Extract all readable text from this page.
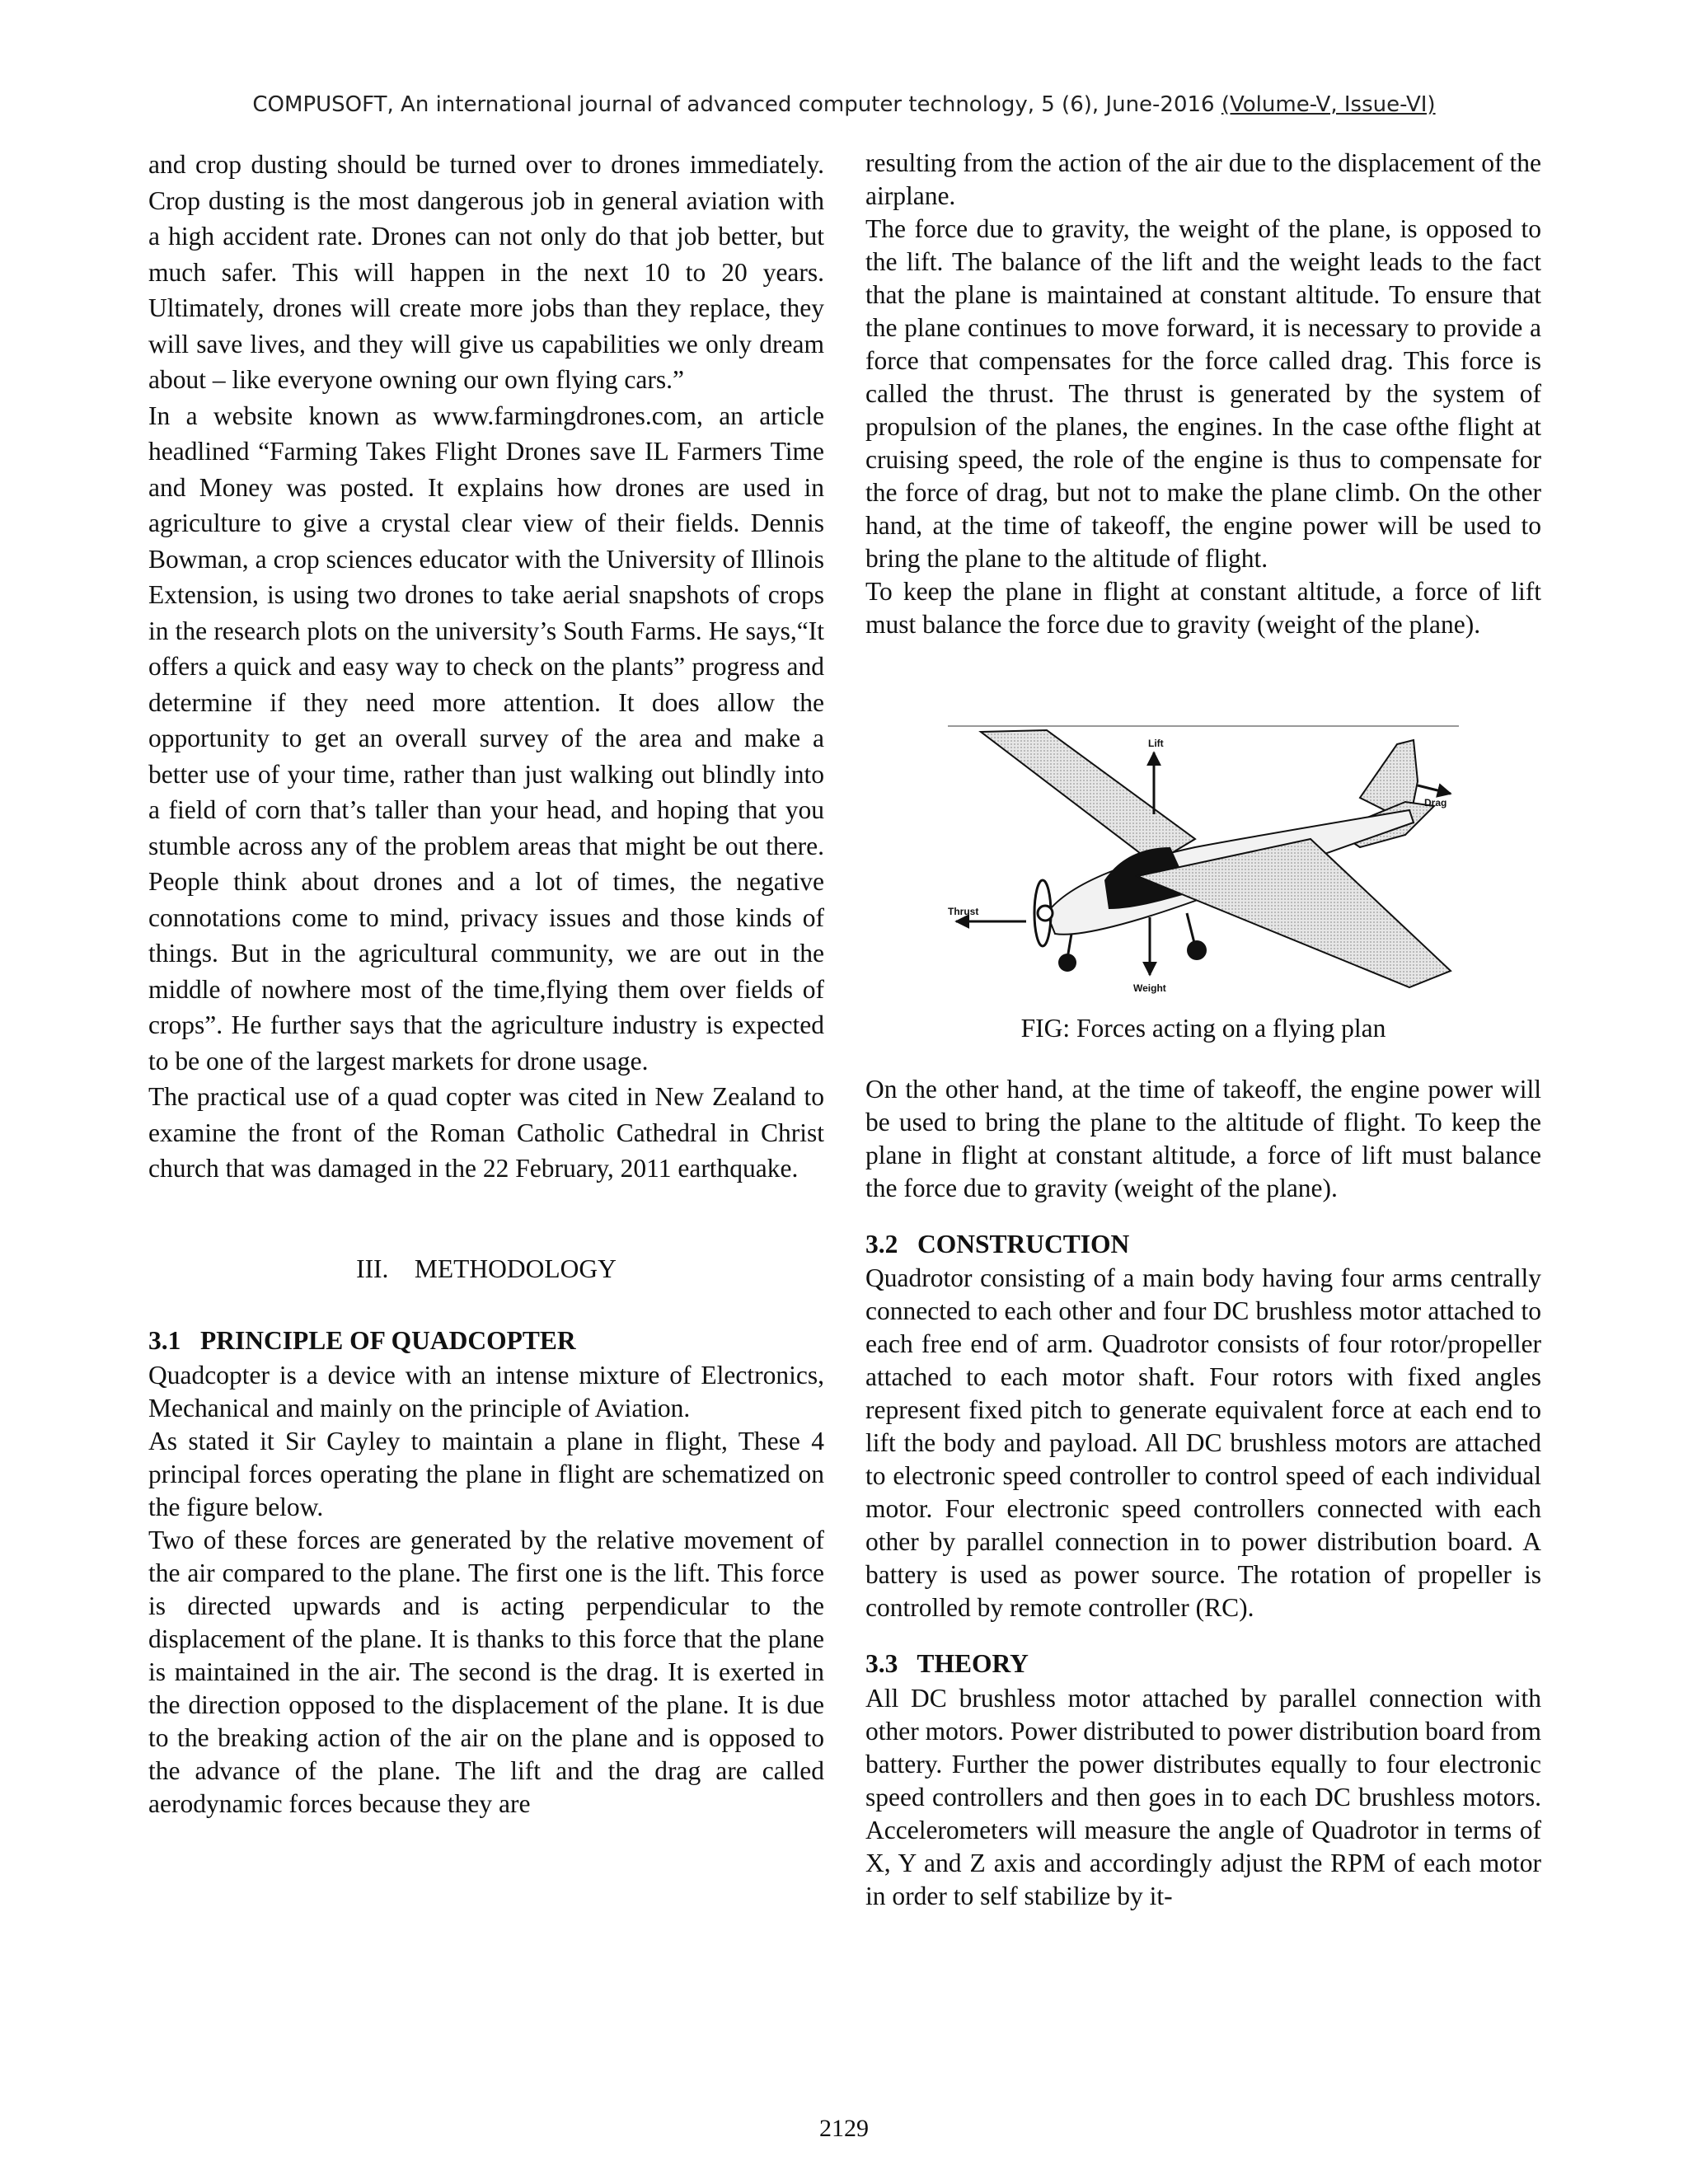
COMPUSOFT, An international journal of advanced computer technology, 5 (6), June-2016 (Volume-V, Issue-VI)

and crop dusting should be turned over to drones immediately. Crop dusting is the most dangerous job in general aviation with a high accident rate. Drones can not only do that job better, but much safer. This will happen in the next 10 to 20 years. Ultimately, drones will create more jobs than they replace, they will save lives, and they will give us capabilities we only dream about – like everyone owning our own flying cars.”

In a website known as www.farmingdrones.com, an article headlined “Farming Takes Flight Drones save IL Farmers Time and Money was posted. It explains how drones are used in agriculture to give a crystal clear view of their fields. Dennis Bowman, a crop sciences educator with the University of Illinois Extension, is using two drones to take aerial snapshots of crops in the research plots on the university’s South Farms. He says,“It offers a quick and easy way to check on the plants” progress and determine if they need more attention. It does allow the opportunity to get an overall survey of the area and make a better use of your time, rather than just walking out blindly into a field of corn that’s taller than your head, and hoping that you stumble across any of the problem areas that might be out there. People think about drones and a lot of times, the negative connotations come to mind, privacy issues and those kinds of things. But in the agricultural community, we are out in the middle of nowhere most of the time,flying them over fields of crops”. He further says that the agriculture industry is expected to be one of the largest markets for drone usage.

The practical use of a quad copter was cited in New Zealand to examine the front of the Roman Catholic Cathedral in Christ church that was damaged in the 22 February, 2011 earthquake.

III.    METHODOLOGY

3.1   PRINCIPLE OF QUADCOPTER

Quadcopter is a device with an intense mixture of Electronics, Mechanical and mainly on the principle of Aviation.

As stated it Sir Cayley to maintain a plane in flight, These 4 principal forces operating the plane in flight are schematized on the figure below.

Two of these forces are generated by the relative movement of the air compared to the plane. The first one is the lift. This force is directed upwards and is acting perpendicular to the displacement of the plane. It is thanks to this force that the plane is maintained in the air. The second is the drag. It is exerted in the direction opposed to the displacement of the plane. It is due to the breaking action of the air on the plane and is opposed to the advance of the plane. The lift and the drag are called aerodynamic forces because they are

resulting from the action of the air due to the displacement of the airplane.

The force due to gravity, the weight of the plane, is opposed to the lift. The balance of the lift and the weight leads to the fact that the plane is maintained at constant altitude. To ensure that the plane continues to move forward, it is necessary to provide a force that compensates for the force called drag. This force is called the thrust. The thrust is generated by the system of propulsion of the planes, the engines. In the case ofthe flight at cruising speed, the role of the engine is thus to compensate for the force of drag, but not to make the plane climb. On the other hand, at the time of takeoff, the engine power will be used to bring the plane to the altitude of flight.

To keep the plane in flight at constant altitude, a force of lift must balance the force due to gravity (weight of the plane).

Lift
Drag
Thrust
Weight

FIG: Forces acting on a flying plan

On the other hand, at the time of takeoff, the engine power will be used to bring the plane to the altitude of flight. To keep the plane in flight at constant altitude, a force of lift must balance the force due to gravity (weight of the plane).

3.2   CONSTRUCTION

Quadrotor consisting of a main body having four arms centrally connected to each other and four DC brushless motor attached to each free end of arm. Quadrotor consists of four rotor/propeller attached to each motor shaft. Four rotors with fixed angles represent fixed pitch to generate equivalent force at each end to lift the body and payload. All DC brushless motors are attached to electronic speed controller to control speed of each individual motor. Four electronic speed controllers connected with each other by parallel connection in to power distribution board. A battery is used as power source. The rotation of propeller is controlled by remote controller (RC).

3.3   THEORY

All DC brushless motor attached by parallel connection with other motors. Power distributed to power distribution board from battery. Further the power distributes equally to four electronic speed controllers and then goes in to each DC brushless motors. Accelerometers will measure the angle of Quadrotor in terms of X, Y and Z axis and accordingly adjust the RPM of each motor in order to self stabilize by it-

2129
